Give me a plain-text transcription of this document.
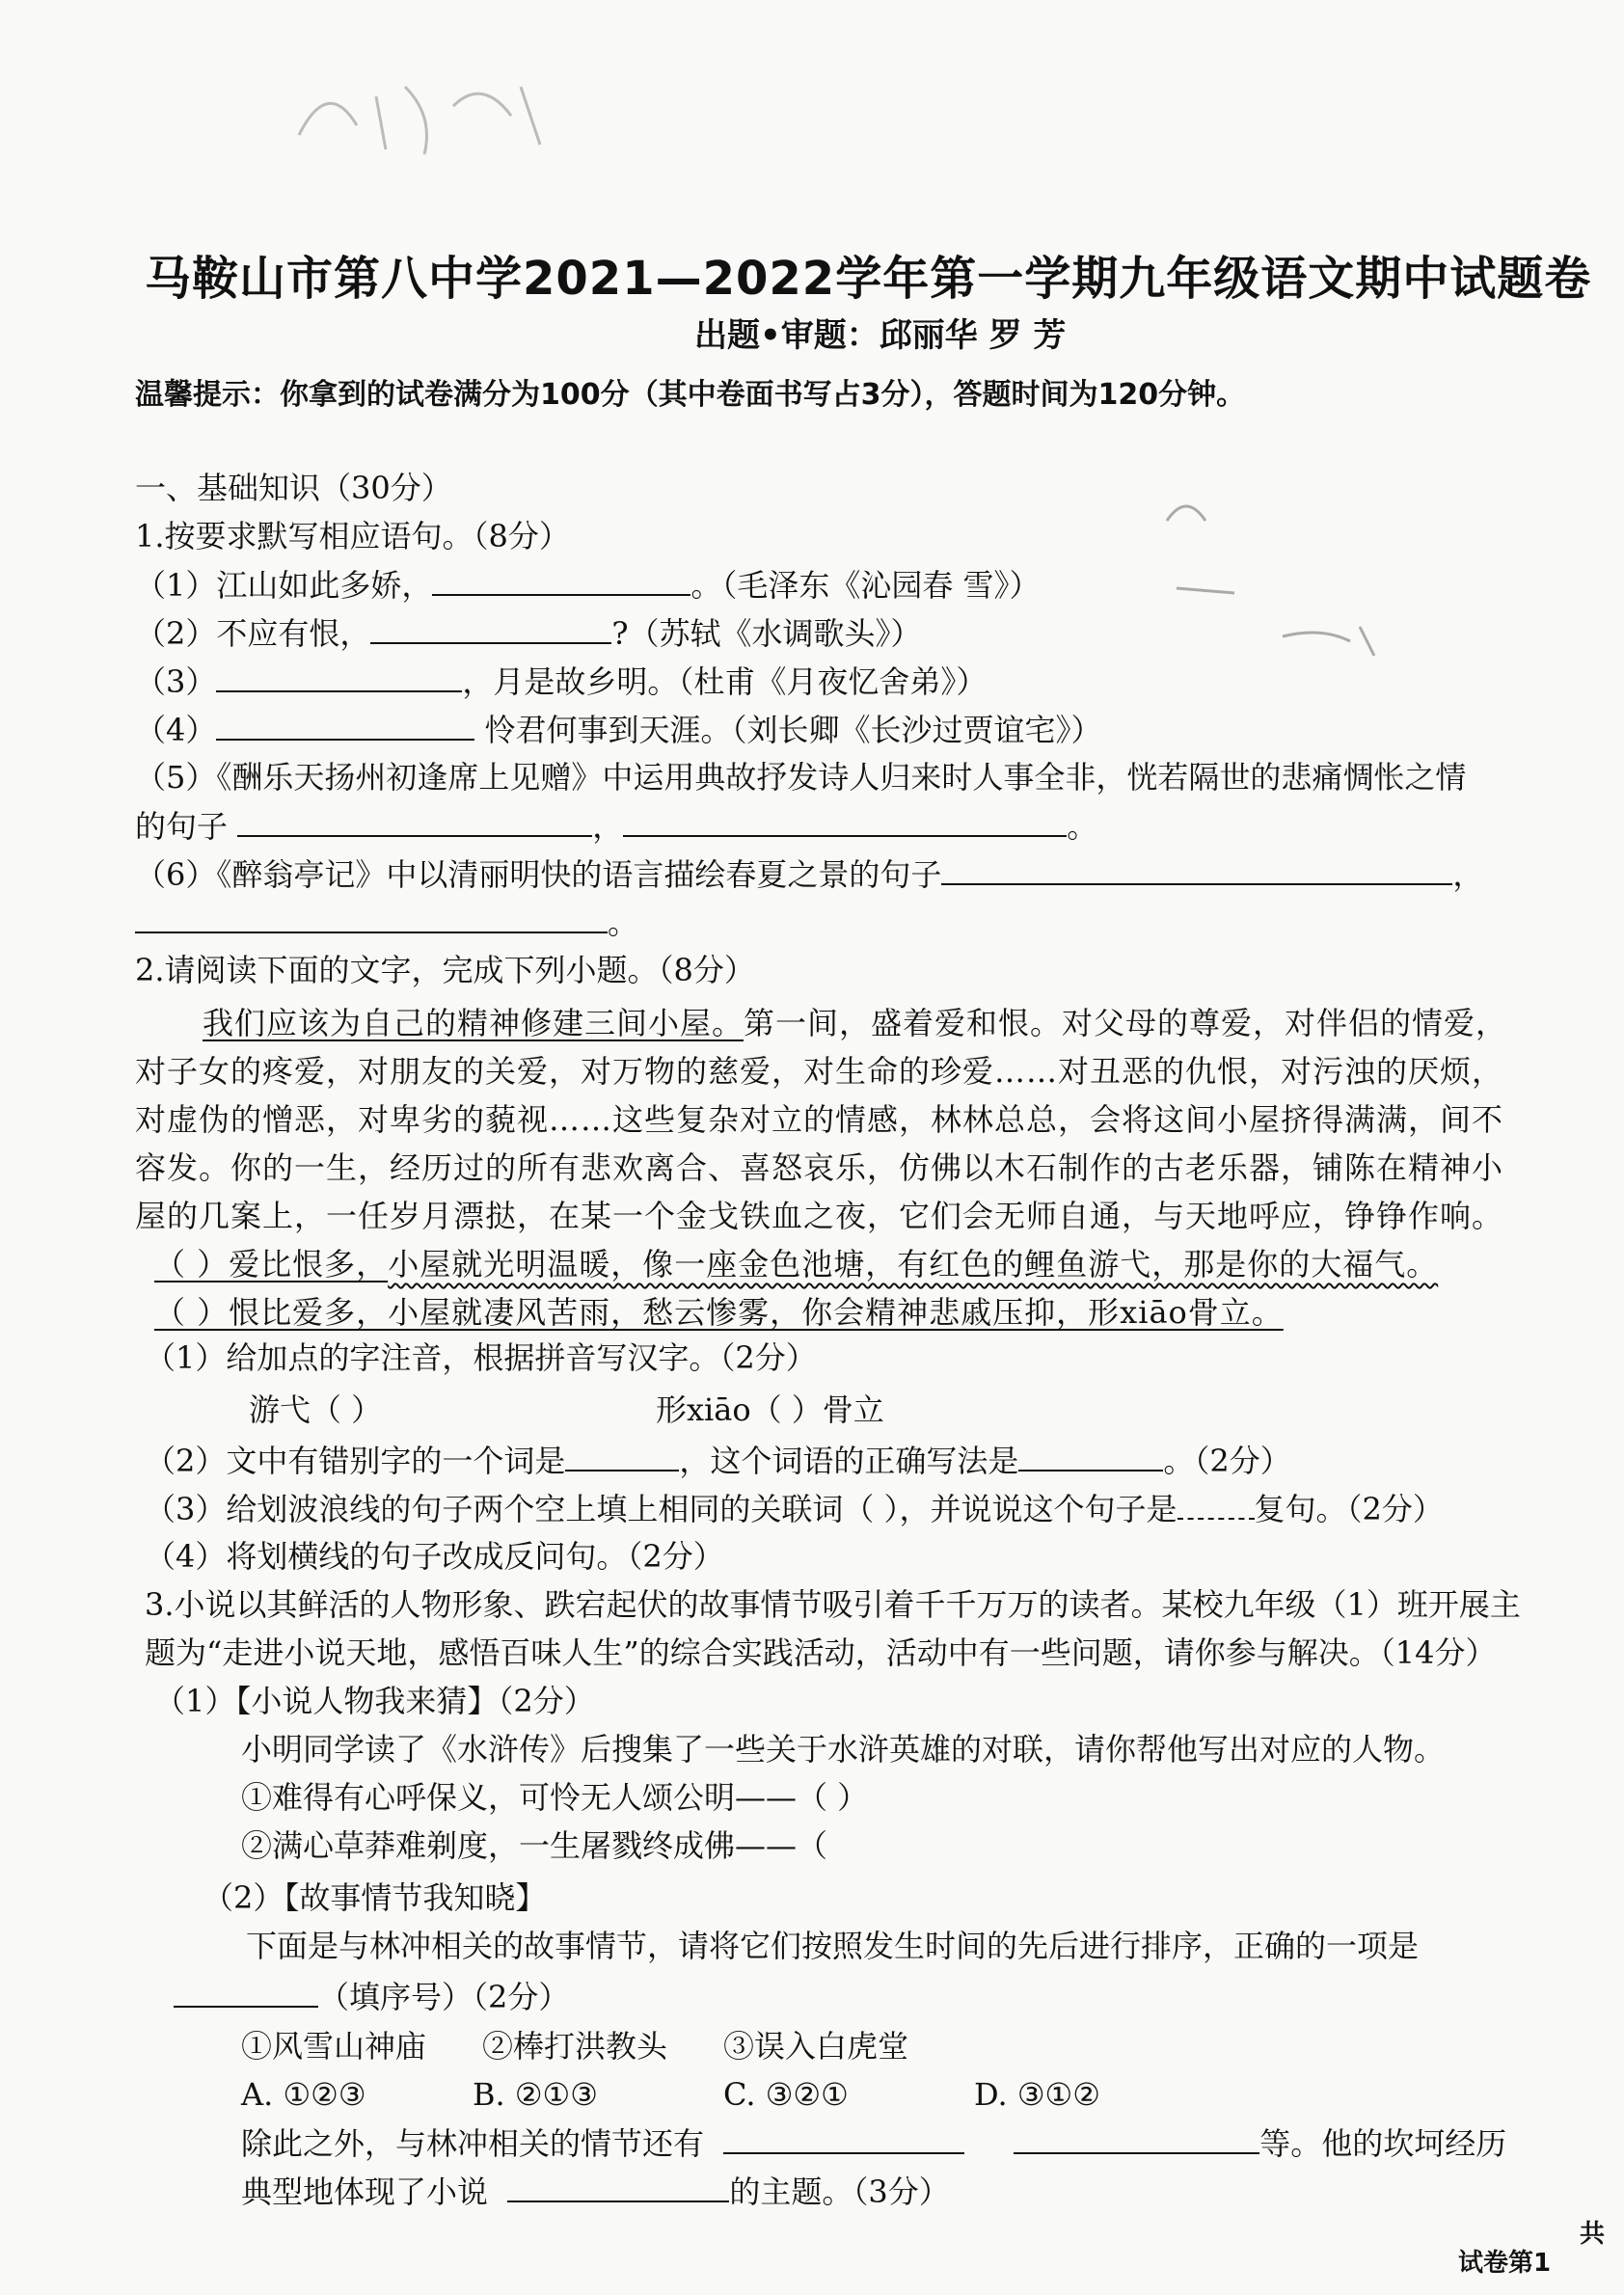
马鞍山市第八中学2021—2022学年第一学期九年级语文期中试题卷
出题•审题：邱丽华 罗 芳
温馨提示：你拿到的试卷满分为100分（其中卷面书写占3分），答题时间为120分钟。
一、基础知识（30分）
1.按要求默写相应语句。（8分）
（1）江山如此多娇，	。（毛泽东《沁园春 雪》）
（2）不应有恨，	?（苏轼《水调歌头》）
（3）	，月是故乡明。（杜甫《月夜忆舍弟》）
（4）	怜君何事到天涯。（刘长卿《长沙过贾谊宅》）
（5）《酬乐天扬州初逢席上见赠》中运用典故抒发诗人归来时人事全非，恍若隔世的悲痛惆怅之情
的句子	，	。
（6）《醉翁亭记》中以清丽明快的语言描绘春夏之景的句子	，
。
2.请阅读下面的文字，完成下列小题。（8分）
我们应该为自己的精神修建三间小屋。第一间，盛着爱和恨。对父母的尊爱，对伴侣的情爱，
对子女的疼爱，对朋友的关爱，对万物的慈爱，对生命的珍爱……对丑恶的仇恨，对污浊的厌烦，
对虚伪的憎恶，对卑劣的藐视……这些复杂对立的情感，林林总总，会将这间小屋挤得满满，间不
容发。你的一生，经历过的所有悲欢离合、喜怒哀乐，仿佛以木石制作的古老乐器，铺陈在精神小
屋的几案上，一任岁月漂挞，在某一个金戈铁血之夜，它们会无师自通，与天地呼应，铮铮作响。
（ ）爱比恨多，小屋就光明温暖，像一座金色池塘，有红色的鲤鱼游弋，那是你的大福气。
（ ）恨比爱多，小屋就凄风苦雨，愁云惨雾，你会精神悲戚压抑，形xiāo骨立。
（1）给加点的字注音，根据拼音写汉字。（2分）
游弋（ ）	形xiāo（ ）骨立
（2）文中有错别字的一个词是	，这个词语的正确写法是	。（2分）
（3）给划波浪线的句子两个空上填上相同的关联词（ ），并说说这个句子是	复句。（2分）
（4）将划横线的句子改成反问句。（2分）
3.小说以其鲜活的人物形象、跌宕起伏的故事情节吸引着千千万万的读者。某校九年级（1）班开展主
题为“走进小说天地，感悟百味人生”的综合实践活动，活动中有一些问题，请你参与解决。（14分）
（1）【小说人物我来猜】（2分）
小明同学读了《水浒传》后搜集了一些关于水浒英雄的对联，请你帮他写出对应的人物。
①难得有心呼保义，可怜无人颂公明——（ ）
②满心草莽难剃度，一生屠戮终成佛——（
（2）【故事情节我知晓】
下面是与林冲相关的故事情节，请将它们按照发生时间的先后进行排序，正确的一项是
（填序号）（2分）
①风雪山神庙 ②棒打洪教头 ③误入白虎堂
A. ①②③	B. ②①③	C. ③②①	D. ③①②
除此之外，与林冲相关的情节还有	等。他的坎坷经历
典型地体现了小说	的主题。（3分）
试卷第1
共
